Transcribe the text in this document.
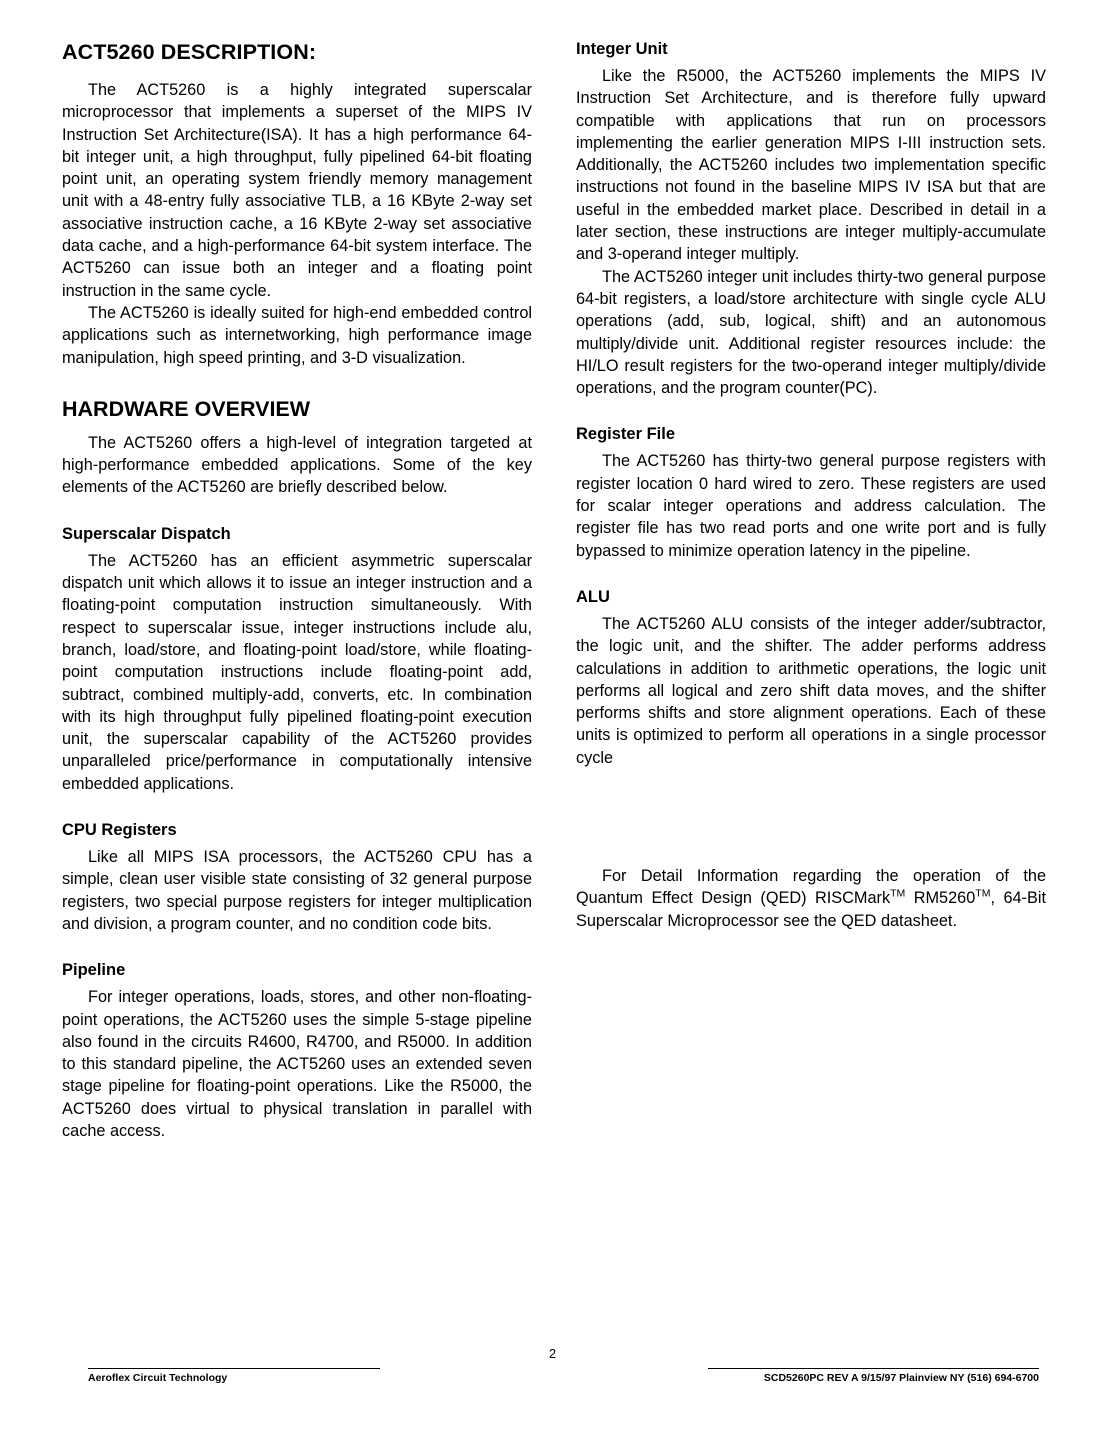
ACT5260 DESCRIPTION:

The ACT5260 is a highly integrated superscalar microprocessor that implements a superset of the MIPS IV Instruction Set Architecture(ISA). It has a high performance 64-bit integer unit, a high throughput, fully pipelined 64-bit floating point unit, an operating system friendly memory management unit with a 48-entry fully associative TLB, a 16 KByte 2-way set associative instruction cache, a 16 KByte 2-way set associative data cache, and a high-performance 64-bit system interface. The ACT5260 can issue both an integer and a floating point instruction in the same cycle.

The ACT5260 is ideally suited for high-end embedded control applications such as internetworking, high performance image manipulation, high speed printing, and 3-D visualization.

HARDWARE OVERVIEW

The ACT5260 offers a high-level of integration targeted at high-performance embedded applications. Some of the key elements of the ACT5260 are briefly described below.

Superscalar Dispatch

The ACT5260 has an efficient asymmetric superscalar dispatch unit which allows it to issue an integer instruction and a floating-point computation instruction simultaneously. With respect to superscalar issue, integer instructions include alu, branch, load/store, and floating-point load/store, while floating-point computation instructions include floating-point add, subtract, combined multiply-add, converts, etc. In combination with its high throughput fully pipelined floating-point execution unit, the superscalar capability of the ACT5260 provides unparalleled price/performance in computationally intensive embedded applications.

CPU Registers

Like all MIPS ISA processors, the ACT5260 CPU has a simple, clean user visible state consisting of 32 general purpose registers, two special purpose registers for integer multiplication and division, a program counter, and no condition code bits.

Pipeline

For integer operations, loads, stores, and other non-floating-point operations, the ACT5260 uses the simple 5-stage pipeline also found in the circuits R4600, R4700, and R5000. In addition to this standard pipeline, the ACT5260 uses an extended seven stage pipeline for floating-point operations. Like the R5000, the ACT5260 does virtual to physical translation in parallel with cache access.

Integer Unit

Like the R5000, the ACT5260 implements the MIPS IV Instruction Set Architecture, and is therefore fully upward compatible with applications that run on processors implementing the earlier generation MIPS I-III instruction sets. Additionally, the ACT5260 includes two implementation specific instructions not found in the baseline MIPS IV ISA but that are useful in the embedded market place. Described in detail in a later section, these instructions are integer multiply-accumulate and 3-operand integer multiply.

The ACT5260 integer unit includes thirty-two general purpose 64-bit registers, a load/store architecture with single cycle ALU operations (add, sub, logical, shift) and an autonomous multiply/divide unit. Additional register resources include: the HI/LO result registers for the two-operand integer multiply/divide operations, and the program counter(PC).

Register File

The ACT5260 has thirty-two general purpose registers with register location 0 hard wired to zero. These registers are used for scalar integer operations and address calculation. The register file has two read ports and one write port and is fully bypassed to minimize operation latency in the pipeline.

ALU

The ACT5260 ALU consists of the integer adder/subtractor, the logic unit, and the shifter. The adder performs address calculations in addition to arithmetic operations, the logic unit performs all logical and zero shift data moves, and the shifter performs shifts and store alignment operations. Each of these units is optimized to perform all operations in a single processor cycle

For Detail Information regarding the operation of the Quantum Effect Design (QED) RISCMark™ RM5260™, 64-Bit Superscalar Microprocessor see the QED datasheet.

2
Aeroflex Circuit Technology	SCD5260PC REV A 9/15/97 Plainview NY (516) 694-6700
